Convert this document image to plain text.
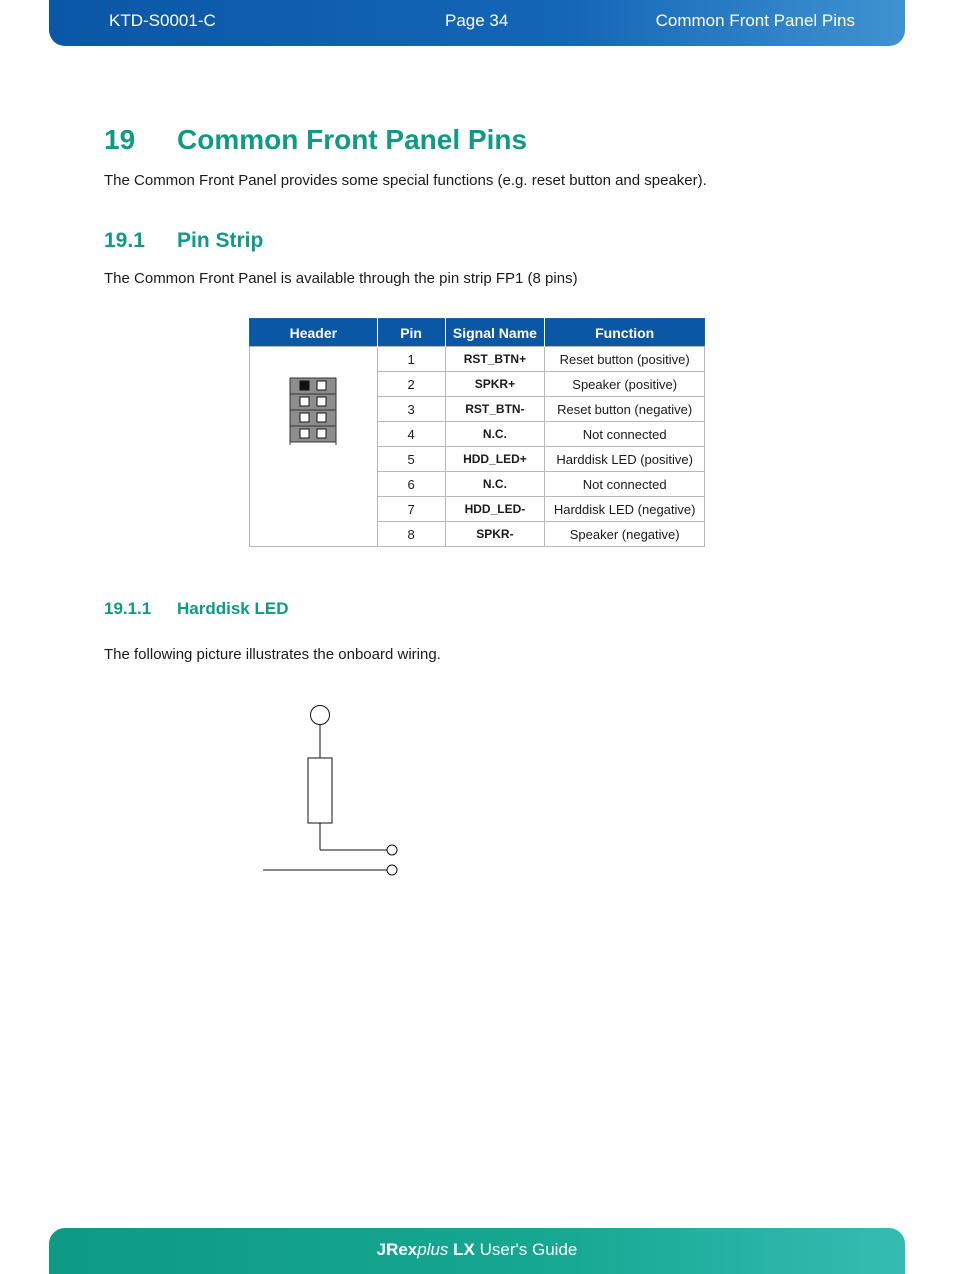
KTD-S0001-C	Page 34	Common Front Panel Pins
19 Common Front Panel Pins

The Common Front Panel provides some special functions (e.g. reset button and speaker).

19.1 Pin Strip

The Common Front Panel is available through the pin strip FP1 (8 pins)

Header	Pin	Signal Name	Function

	1	RST_BTN+	Reset button (positive)
	2	SPKR+	Speaker (positive)
	3	RST_BTN-	Reset button (negative)
	4	N.C.	Not connected
	5	HDD_LED+	Harddisk LED (positive)
	6	N.C.	Not connected
	7	HDD_LED-	Harddisk LED (negative)
	8	SPKR-	Speaker (negative)
19.1.1 Harddisk LED

The following picture illustrates the onboard wiring.

JRexplus LX User's Guide
